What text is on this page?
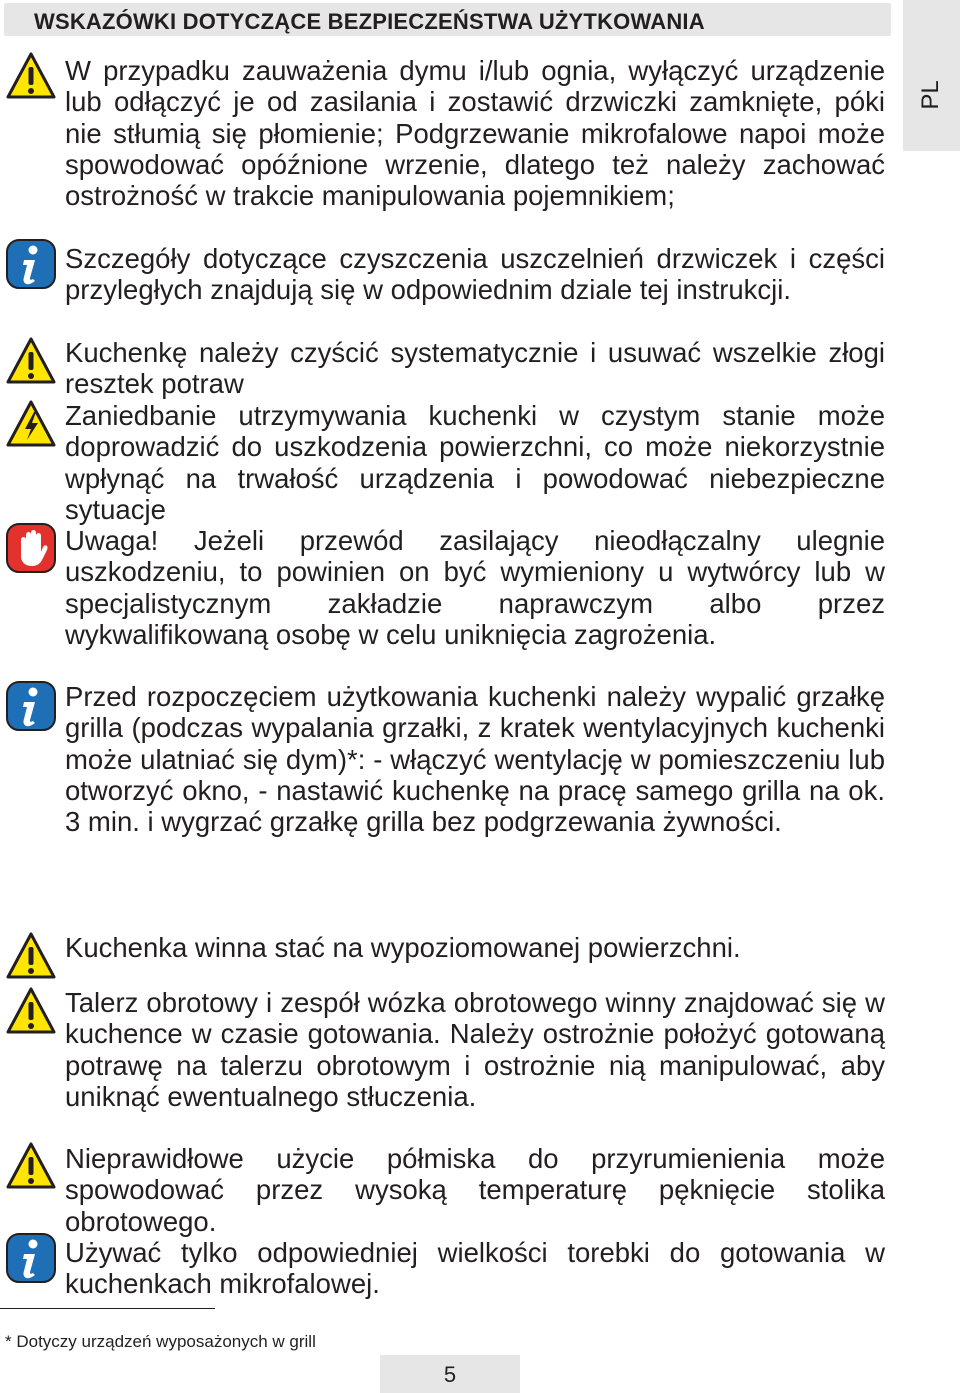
WSKAZÓWKI DOTYCZĄCE BEZPIECZEŃSTWA UŻYTKOWANIA
PL

W przypadku zauważenia dymu i/lub ognia, wyłączyć urządzenie lub odłączyć je od zasilania i zostawić drzwiczki zamknięte, póki nie stłumią się płomienie; Podgrzewanie mikrofalowe napoi może spowodować opóźnione wrzenie, dlatego też należy zachować ostrożność w trakcie manipulowania pojemnikiem;

Szczegóły dotyczące czyszczenia uszczelnień drzwiczek i części przyległych znajdują się w odpowiednim dziale tej instrukcji.

Kuchenkę należy czyścić systematycznie i usuwać wszelkie złogi resztek potraw

Zaniedbanie utrzymywania kuchenki w czystym stanie może doprowadzić do uszkodzenia powierzchni, co może niekorzystnie wpłynąć na trwałość urządzenia i powodować niebezpieczne sytuacje

Uwaga! Jeżeli przewód zasilający nieodłączalny ulegnie uszkodzeniu, to powinien on być wymieniony u wytwórcy lub w specjalistycznym zakładzie naprawczym albo przez wykwalifikowaną osobę w celu uniknięcia zagrożenia.

Przed rozpoczęciem użytkowania kuchenki należy wypalić grzałkę grilla (podczas wypalania grzałki, z kratek wentylacyjnych kuchenki może ulatniać się dym)*: - włączyć wentylację w pomieszczeniu lub otworzyć okno, - nastawić kuchenkę na pracę samego grilla na ok. 3 min. i wygrzać grzałkę grilla bez podgrzewania żywności.

Kuchenka winna stać na wypoziomowanej powierzchni.

Talerz obrotowy i zespół wózka obrotowego winny znajdować się w kuchence w czasie gotowania. Należy ostrożnie położyć gotowaną potrawę na talerzu obrotowym i ostrożnie nią manipulować, aby uniknąć ewentualnego stłuczenia.

Nieprawidłowe użycie półmiska do przyrumienienia może spowodować przez wysoką temperaturę pęknięcie stolika obrotowego.

Używać tylko odpowiedniej wielkości torebki do gotowania w kuchenkach mikrofalowej.

* Dotyczy urządzeń wyposażonych w grill
5
